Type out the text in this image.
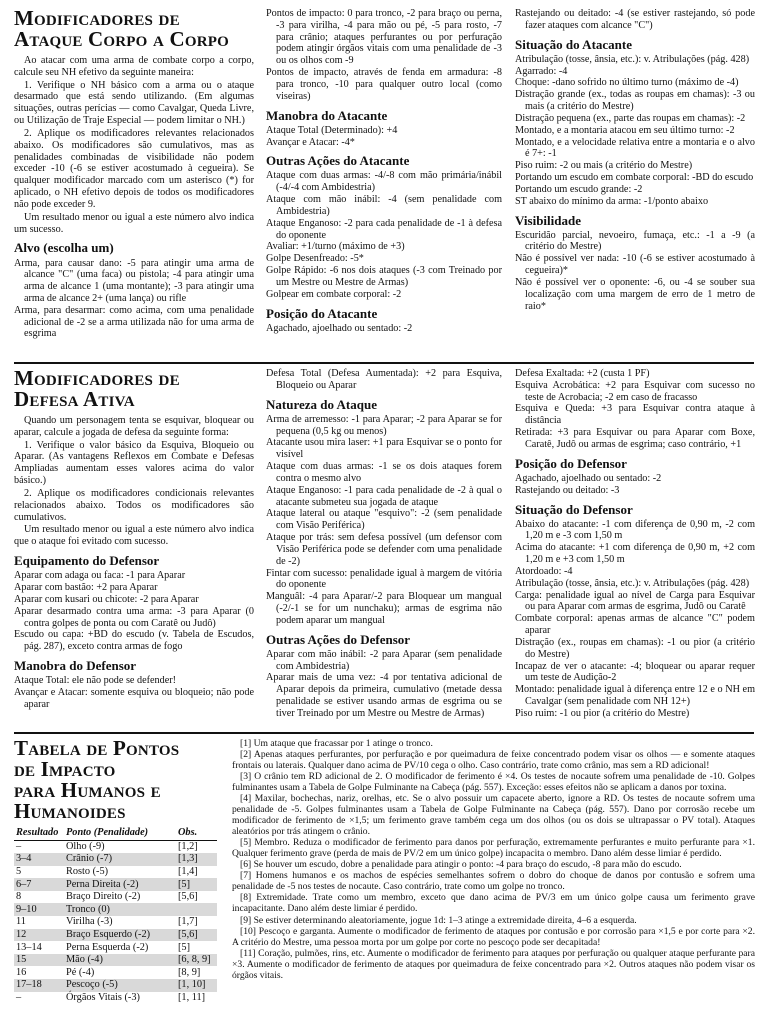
Modificadores de
Ataque Corpo a Corpo

Ao atacar com uma arma de combate corpo a corpo, calcule seu NH efetivo da seguinte maneira:

1. Verifique o NH básico com a arma ou o ataque desarmado que está sendo utilizando. (Em algumas situações, outras perícias — como Cavalgar, Queda Livre, ou Utilização de Traje Especial — podem limitar o NH.)

2. Aplique os modificadores relevantes relacionados abaixo. Os modificadores são cumulativos, mas as penalidades combinadas de visibilidade não podem exceder -10 (-6 se estiver acostumado à cegueira). Se qualquer modificador marcado com um asterisco (*) for aplicado, o NH efetivo depois de todos os modificadores não pode exceder 9.

Um resultado menor ou igual a este número alvo indica um sucesso.

Alvo (escolha um)
Arma, para causar dano: -5 para atingir uma arma de alcance "C" (uma faca) ou pistola; -4 para atingir uma arma de alcance 1 (uma montante); -3 para atingir uma arma de alcance 2+ (uma lança) ou rifle
Arma, para desarmar: como acima, com uma penalidade adicional de -2 se a arma utilizada não for uma arma de esgrima
Pontos de impacto: 0 para tronco, -2 para braço ou perna, -3 para virilha, -4 para mão ou pé, -5 para rosto, -7 para crânio; ataques perfurantes ou por perfuração podem atingir órgãos vitais com uma penalidade de -3 ou os olhos com -9
Pontos de impacto, através de fenda em armadura: -8 para tronco, -10 para qualquer outro local (como viseiras)
Manobra do Atacante
Ataque Total (Determinado): +4
Avançar e Atacar: -4*
Outras Ações do Atacante
Ataque com duas armas: -4/-8 com mão primária/inábil (-4/-4 com Ambidestria)
Ataque com mão inábil: -4 (sem penalidade com Ambidestria)
Ataque Enganoso: -2 para cada penalidade de -1 à defesa do oponente
Avaliar: +1/turno (máximo de +3)
Golpe Desenfreado: -5*
Golpe Rápido: -6 nos dois ataques (-3 com Treinado por um Mestre ou Mestre de Armas)
Golpear em combate corporal: -2
Posição do Atacante
Agachado, ajoelhado ou sentado: -2
Rastejando ou deitado: -4 (se estiver rastejando, só pode fazer ataques com alcance "C")
Situação do Atacante
Atribulação (tosse, ânsia, etc.): v. Atribulações (pág. 428)
Agarrado: -4
Choque: -dano sofrido no último turno (máximo de -4)
Distração grande (ex., todas as roupas em chamas): -3 ou mais (a critério do Mestre)
Distração pequena (ex., parte das roupas em chamas): -2
Montado, e a montaria atacou em seu último turno: -2
Montado, e a velocidade relativa entre a montaria e o alvo é 7+: -1
Piso ruim: -2 ou mais (a critério do Mestre)
Portando um escudo em combate corporal: -BD do escudo
Portando um escudo grande: -2
ST abaixo do mínimo da arma: -1/ponto abaixo
Visibilidade
Escuridão parcial, nevoeiro, fumaça, etc.: -1 a -9 (a critério do Mestre)
Não é possível ver nada: -10 (-6 se estiver acostumado à cegueira)*
Não é possível ver o oponente: -6, ou -4 se souber sua localização com uma margem de erro de 1 metro de raio*
Modificadores de
Defesa Ativa

Quando um personagem tenta se esquivar, bloquear ou aparar, calcule a jogada de defesa da seguinte forma:

1. Verifique o valor básico da Esquiva, Bloqueio ou Aparar. (As vantagens Reflexos em Combate e Defesas Ampliadas aumentam esses valores acima do valor básico.)

2. Aplique os modificadores condicionais relevantes relacionados abaixo. Todos os modificadores são cumulativos.

Um resultado menor ou igual a este número alvo indica que o ataque foi evitado com sucesso.

Equipamento do Defensor
Aparar com adaga ou faca: -1 para Aparar
Aparar com bastão: +2 para Aparar
Aparar com kusari ou chicote: -2 para Aparar
Aparar desarmado contra uma arma: -3 para Aparar (0 contra golpes de ponta ou com Caratê ou Judô)
Escudo ou capa: +BD do escudo (v. Tabela de Escudos, pág. 287), exceto contra armas de fogo
Manobra do Defensor
Ataque Total: ele não pode se defender!
Avançar e Atacar: somente esquiva ou bloqueio; não pode aparar
Defesa Total (Defesa Aumentada): +2 para Esquiva, Bloqueio ou Aparar
Natureza do Ataque
Arma de arremesso: -1 para Aparar; -2 para Aparar se for pequena (0,5 kg ou menos)
Atacante usou mira laser: +1 para Esquivar se o ponto for visível
Ataque com duas armas: -1 se os dois ataques forem contra o mesmo alvo
Ataque Enganoso: -1 para cada penalidade de -2 à qual o atacante submeteu sua jogada de ataque
Ataque lateral ou ataque "esquivo": -2 (sem penalidade com Visão Periférica)
Ataque por trás: sem defesa possível (um defensor com Visão Periférica pode se defender com uma penalidade de -2)
Fintar com sucesso: penalidade igual à margem de vitória do oponente
Manguâl: -4 para Aparar/-2 para Bloquear um mangual (-2/-1 se for um nunchaku); armas de esgrima não podem aparar um mangual
Outras Ações do Defensor
Aparar com mão inábil: -2 para Aparar (sem penalidade com Ambidestria)
Aparar mais de uma vez: -4 por tentativa adicional de Aparar depois da primeira, cumulativo (metade dessa penalidade se estiver usando armas de esgrima ou se tiver Treinado por um Mestre ou Mestre de Armas)
Defesa Exaltada: +2 (custa 1 PF)
Esquiva Acrobática: +2 para Esquivar com sucesso no teste de Acrobacia; -2 em caso de fracasso
Esquiva e Queda: +3 para Esquivar contra ataque à distância
Retirada: +3 para Esquivar ou para Aparar com Boxe, Caratê, Judô ou armas de esgrima; caso contrário, +1
Posição do Defensor
Agachado, ajoelhado ou sentado: -2
Rastejando ou deitado: -3
Situação do Defensor
Abaixo do atacante: -1 com diferença de 0,90 m, -2 com 1,20 m e -3 com 1,50 m
Acima do atacante: +1 com diferença de 0,90 m, +2 com 1,20 m e +3 com 1,50 m
Atordoado: -4
Atribulação (tosse, ânsia, etc.): v. Atribulações (pág. 428)
Carga: penalidade igual ao nível de Carga para Esquivar ou para Aparar com armas de esgrima, Judô ou Caratê
Combate corporal: apenas armas de alcance "C" podem aparar
Distração (ex., roupas em chamas): -1 ou pior (a critério do Mestre)
Incapaz de ver o atacante: -4; bloquear ou aparar requer um teste de Audição-2
Montado: penalidade igual à diferença entre 12 e o NH em Cavalgar (sem penalidade com NH 12+)
Piso ruim: -1 ou pior (a critério do Mestre)
Tabela de Pontos
de Impacto
para Humanos e
Humanoides
Resultado	Ponto (Penalidade)	Obs.
–	Olho (-9)	[1,2]
3–4	Crânio (-7)	[1,3]
5	Rosto (-5)	[1,4]
6–7	Perna Direita (-2)	[5]
8	Braço Direito (-2)	[5,6]
9–10	Tronco (0)	
11	Virilha (-3)	[1,7]
12	Braço Esquerdo (-2)	[5,6]
13–14	Perna Esquerda (-2)	[5]
15	Mão (-4)	[6, 8, 9]
16	Pé (-4)	[8, 9]
17–18	Pescoço (-5)	[1, 10]
–	Órgãos Vitais (-3)	[1, 11]

[1] Um ataque que fracassar por 1 atinge o tronco.

[2] Apenas ataques perfurantes, por perfuração e por queimadura de feixe concentrado podem visar os olhos — e somente ataques frontais ou laterais. Qualquer dano acima de PV/10 cega o olho. Caso contrário, trate como crânio, mas sem a RD adicional!

[3] O crânio tem RD adicional de 2. O modificador de ferimento é ×4. Os testes de nocaute sofrem uma penalidade de -10. Golpes fulminantes usam a Tabela de Golpe Fulminante na Cabeça (pág. 557). Exceção: esses efeitos não se aplicam a danos por toxina.

[4] Maxilar, bochechas, nariz, orelhas, etc. Se o alvo possuir um capacete aberto, ignore a RD. Os testes de nocaute sofrem uma penalidade de -5. Golpes fulminantes usam a Tabela de Golpe Fulminante na Cabeça (pág. 557). Dano por corrosão recebe um modificador de ferimento de ×1,5; um ferimento grave também cega um dos olhos (ou os dois se ultrapassar o PV total). Ataques aleatórios por trás atingem o crânio.

[5] Membro. Reduza o modificador de ferimento para danos por perfuração, extremamente perfurantes e muito perfurante para ×1. Qualquer ferimento grave (perda de mais de PV/2 em um único golpe) incapacita o membro. Dano além desse limiar é perdido.

[6] Se houver um escudo, dobre a penalidade para atingir o ponto: -4 para braço do escudo, -8 para mão do escudo.

[7] Homens humanos e os machos de espécies semelhantes sofrem o dobro do choque de danos por contusão e sofrem uma penalidade de -5 nos testes de nocaute. Caso contrário, trate como um golpe no tronco.

[8] Extremidade. Trate como um membro, exceto que dano acima de PV/3 em um único golpe causa um ferimento grave incapacitante. Dano além deste limiar é perdido.

[9] Se estiver determinando aleatoriamente, jogue 1d: 1–3 atinge a extremidade direita, 4–6 a esquerda.

[10] Pescoço e garganta. Aumente o modificador de ferimento de ataques por contusão e por corrosão para ×1,5 e por corte para ×2. A critério do Mestre, uma pessoa morta por um golpe por corte no pescoço pode ser decapitada!

[11] Coração, pulmões, rins, etc. Aumente o modificador de ferimento para ataques por perfuração ou qualquer ataque perfurante para ×3. Aumente o modificador de ferimento de ataques por queimadura de feixe concentrado para ×2. Outros ataques não podem visar os órgãos vitais.
